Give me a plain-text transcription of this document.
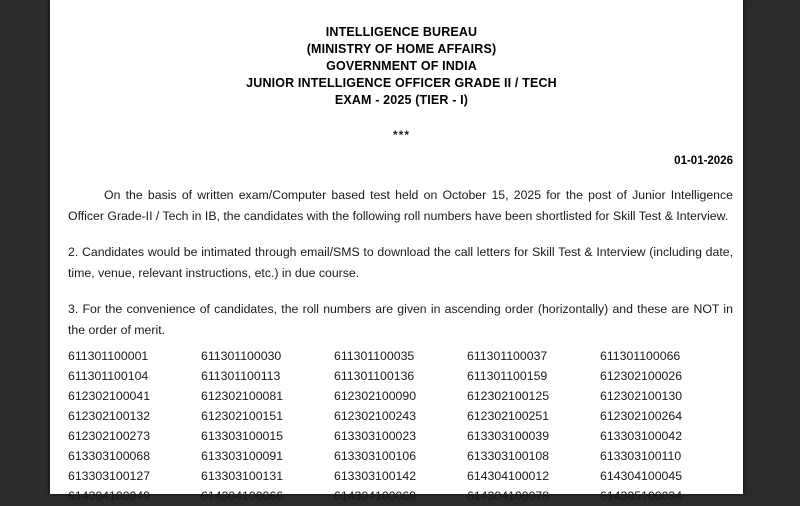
INTELLIGENCE BUREAU
(MINISTRY OF HOME AFFAIRS)
GOVERNMENT OF INDIA
JUNIOR INTELLIGENCE OFFICER GRADE II / TECH
EXAM - 2025 (TIER - I)
***
01-01-2026

On the basis of written exam/Computer based test held on October 15, 2025 for the post of Junior Intelligence Officer Grade-II / Tech in IB, the candidates with the following roll numbers have been shortlisted for Skill Test & Interview.

2. Candidates would be intimated through email/SMS to download the call letters for Skill Test & Interview (including date, time, venue, relevant instructions, etc.) in due course.

3. For the convenience of candidates, the roll numbers are given in ascending order (horizontally) and these are NOT in the order of merit.

611301100001	611301100030	611301100035	611301100037	611301100066
611301100104	611301100113	611301100136	611301100159	612302100026
612302100041	612302100081	612302100090	612302100125	612302100130
612302100132	612302100151	612302100243	612302100251	612302100264
612302100273	613303100015	613303100023	613303100039	613303100042
613303100068	613303100091	613303100106	613303100108	613303100110
613303100127	613303100131	613303100142	614304100012	614304100045
614304100049	614304100066	614304100069	614304100078	614305100034
